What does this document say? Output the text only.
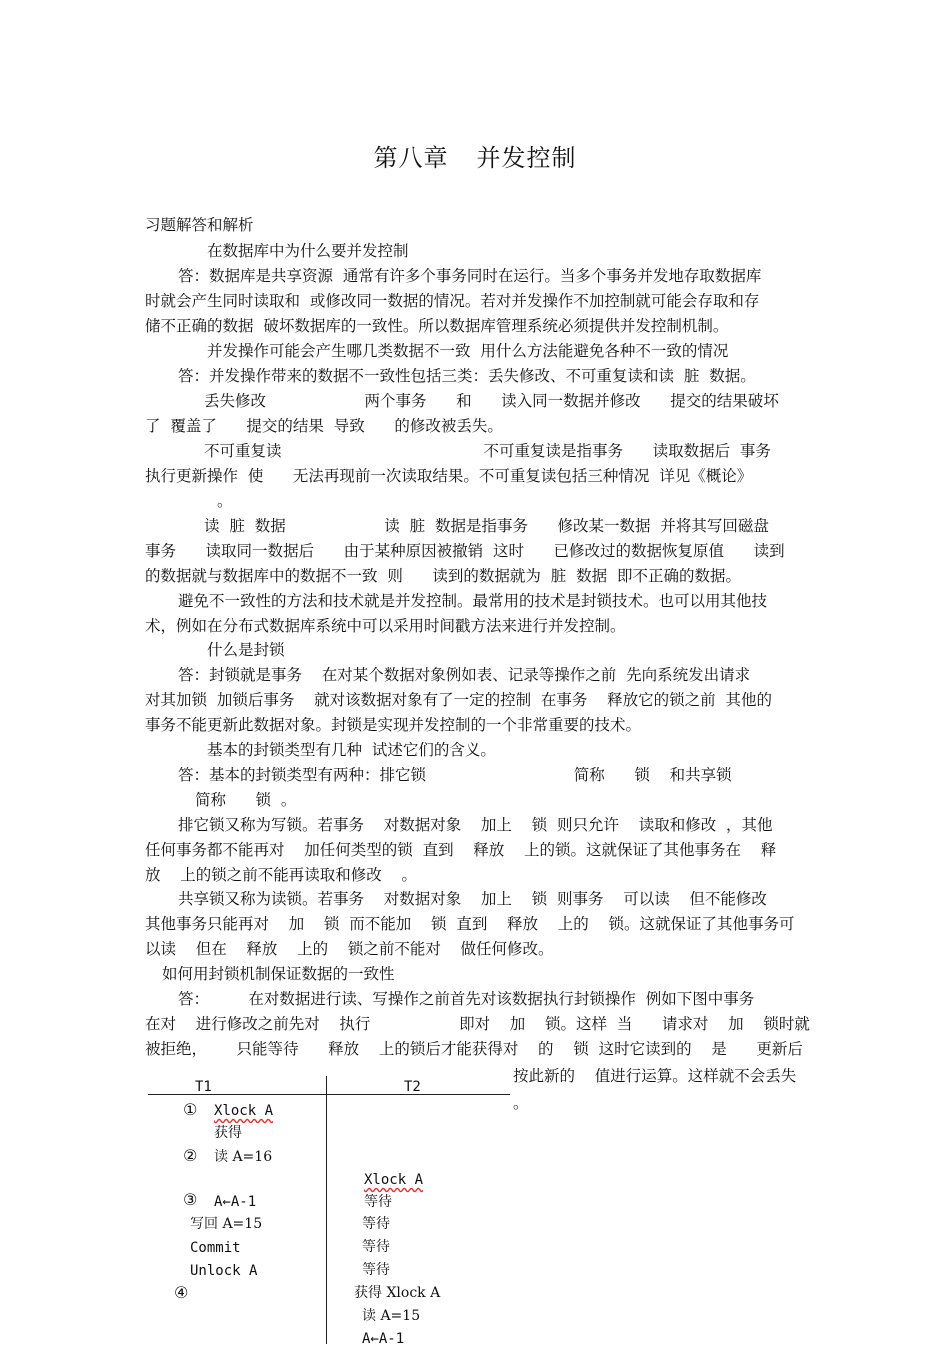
第八章 并发控制
习题解答和解析
在数据库中为什么要并发控制
答：数据库是共享资源  通常有许多个事务同时在运行。当多个事务并发地存取数据库
时就会产生同时读取和  或修改同一数据的情况。若对并发操作不加控制就可能会存取和存
储不正确的数据  破坏数据库的一致性。所以数据库管理系统必须提供并发控制机制。
并发操作可能会产生哪几类数据不一致  用什么方法能避免各种不一致的情况
答：并发操作带来的数据不一致性包括三类：丢失修改、不可重复读和读  脏  数据。
丢失修改                    两个事务      和      读入同一数据并修改      提交的结果破坏
了  覆盖了      提交的结果  导致      的修改被丢失。
不可重复读                                         不可重复读是指事务      读取数据后  事务
执行更新操作  使      无法再现前一次读取结果。不可重复读包括三种情况  详见《概论》
。
读  脏  数据                    读  脏  数据是指事务      修改某一数据  并将其写回磁盘
事务      读取同一数据后      由于某种原因被撤销  这时      已修改过的数据恢复原值      读到
的数据就与数据库中的数据不一致  则      读到的数据就为  脏  数据  即不正确的数据。
避免不一致性的方法和技术就是并发控制。最常用的技术是封锁技术。也可以用其他技
术，例如在分布式数据库系统中可以采用时间戳方法来进行并发控制。
什么是封锁
答：封锁就是事务    在对某个数据对象例如表、记录等操作之前  先向系统发出请求
对其加锁  加锁后事务    就对该数据对象有了一定的控制  在事务    释放它的锁之前  其他的
事务不能更新此数据对象。封锁是实现并发控制的一个非常重要的技术。
基本的封锁类型有几种  试述它们的含义。
答：基本的封锁类型有两种：排它锁                              简称      锁    和共享锁
简称      锁  。
排它锁又称为写锁。若事务    对数据对象    加上    锁  则只允许    读取和修改  ，其他
任何事务都不能再对    加任何类型的锁  直到    释放    上的锁。这就保证了其他事务在    释
放    上的锁之前不能再读取和修改    。
共享锁又称为读锁。若事务    对数据对象    加上    锁  则事务    可以读    但不能修改
其他事务只能再对    加    锁  而不能加    锁  直到    释放    上的    锁。这就保证了其他事务可
以读    但在    释放    上的    锁之前不能对    做任何修改。
如何用封锁机制保证数据的一致性
答：        在对数据进行读、写操作之前首先对该数据执行封锁操作  例如下图中事务
在对    进行修改之前先对    执行                  即对    加    锁。这样  当      请求对    加    锁时就
被拒绝，      只能等待      释放    上的锁后才能获得对    的    锁  这时它读到的    是      更新后
按此新的    值进行运算。这样就不会丢失
。
T1	T2
① Xlock A
获得
② 读 A=16
③ A←A-1
写回 A=15
Commit
Unlock A
④
Xlock A
等待
等待
等待
等待
获得 Xlock A
读 A=15
A←A-1
